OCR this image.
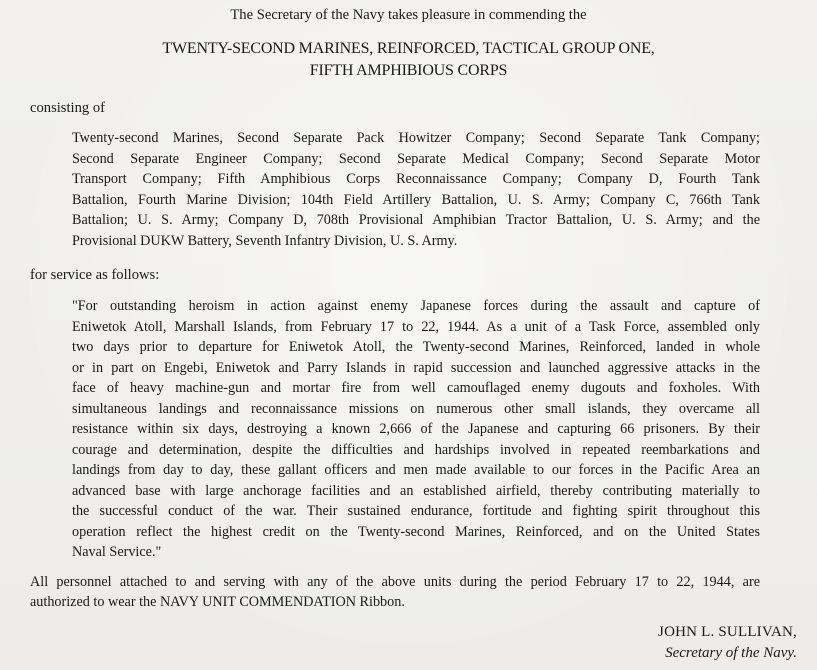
The Secretary of the Navy takes pleasure in commending the
TWENTY-SECOND MARINES, REINFORCED, TACTICAL GROUP ONE,
FIFTH AMPHIBIOUS CORPS
consisting of
Twenty-second Marines, Second Separate Pack Howitzer Company; Second Separate Tank Company;
Second Separate Engineer Company; Second Separate Medical Company; Second Separate Motor
Transport Company; Fifth Amphibious Corps Reconnaissance Company; Company D, Fourth Tank
Battalion, Fourth Marine Division; 104th Field Artillery Battalion, U. S. Army; Company C, 766th Tank
Battalion; U. S. Army; Company D, 708th Provisional Amphibian Tractor Battalion, U. S. Army; and the
Provisional DUKW Battery, Seventh Infantry Division, U. S. Army.
for service as follows:
"For outstanding heroism in action against enemy Japanese forces during the assault and capture of
Eniwetok Atoll, Marshall Islands, from February 17 to 22, 1944. As a unit of a Task Force, assembled only
two days prior to departure for Eniwetok Atoll, the Twenty-second Marines, Reinforced, landed in whole
or in part on Engebi, Eniwetok and Parry Islands in rapid succession and launched aggressive attacks in the
face of heavy machine-gun and mortar fire from well camouflaged enemy dugouts and foxholes. With
simultaneous landings and reconnaissance missions on numerous other small islands, they overcame all
resistance within six days, destroying a known 2,666 of the Japanese and capturing 66 prisoners. By their
courage and determination, despite the difficulties and hardships involved in repeated reembarkations and
landings from day to day, these gallant officers and men made available to our forces in the Pacific Area an
advanced base with large anchorage facilities and an established airfield, thereby contributing materially to
the successful conduct of the war. Their sustained endurance, fortitude and fighting spirit throughout this
operation reflect the highest credit on the Twenty-second Marines, Reinforced, and on the United States
Naval Service."
All personnel attached to and serving with any of the above units during the period February 17 to 22, 1944, are
authorized to wear the NAVY UNIT COMMENDATION Ribbon.
JOHN L. SULLIVAN,
Secretary of the Navy.
